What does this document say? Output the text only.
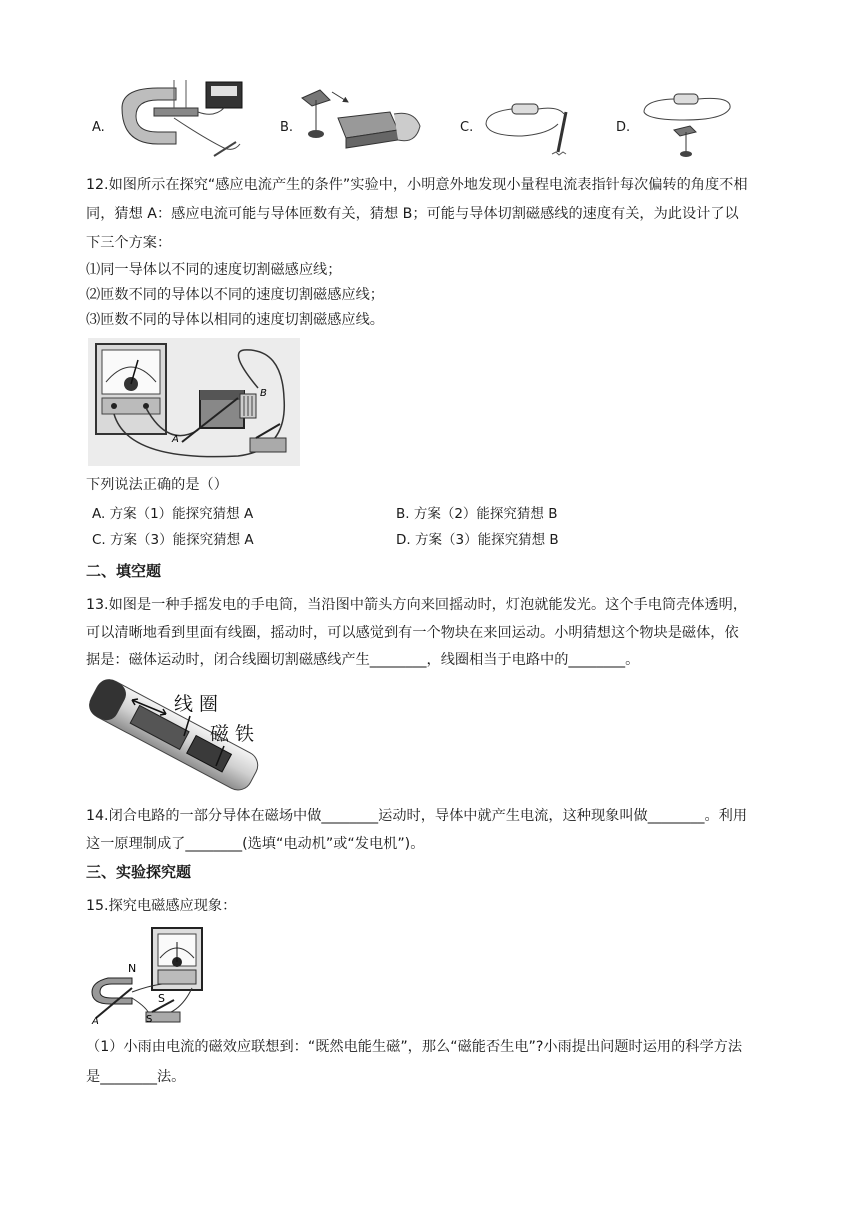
A.	B.	C.	D.
12.如图所示在探究“感应电流产生的条件”实验中，小明意外地发现小量程电流表指针每次偏转的角度不相
同，猜想 A：感应电流可能与导体匝数有关，猜想 B；可能与导体切割磁感线的速度有关，为此设计了以
下三个方案：
⑴同一导体以不同的速度切割磁感应线；
⑵匝数不同的导体以不同的速度切割磁感应线；
⑶匝数不同的导体以相同的速度切割磁感应线。
B
A
下列说法正确的是（）
A. 方案（1）能探究猜想 A	B. 方案（2）能探究猜想 B
C. 方案（3）能探究猜想 A	D. 方案（3）能探究猜想 B
二、填空题
13.如图是一种手摇发电的手电筒，当沿图中箭头方向来回摇动时，灯泡就能发光。这个手电筒壳体透明，
可以清晰地看到里面有线圈，摇动时，可以感觉到有一个物块在来回运动。小明猜想这个物块是磁体，依
据是：磁体运动时，闭合线圈切割磁感线产生________，线圈相当于电路中的________。
线 圈
磁 铁
14.闭合电路的一部分导体在磁场中做________运动时，导体中就产生电流，这种现象叫做________。利用
这一原理制成了________(选填“电动机”或“发电机”)。
三、实验探究题
15.探究电磁感应现象：
N
A
S
S
（1）小雨由电流的磁效应联想到：“既然电能生磁”，那么“磁能否生电”?小雨提出问题时运用的科学方法
是________法。
